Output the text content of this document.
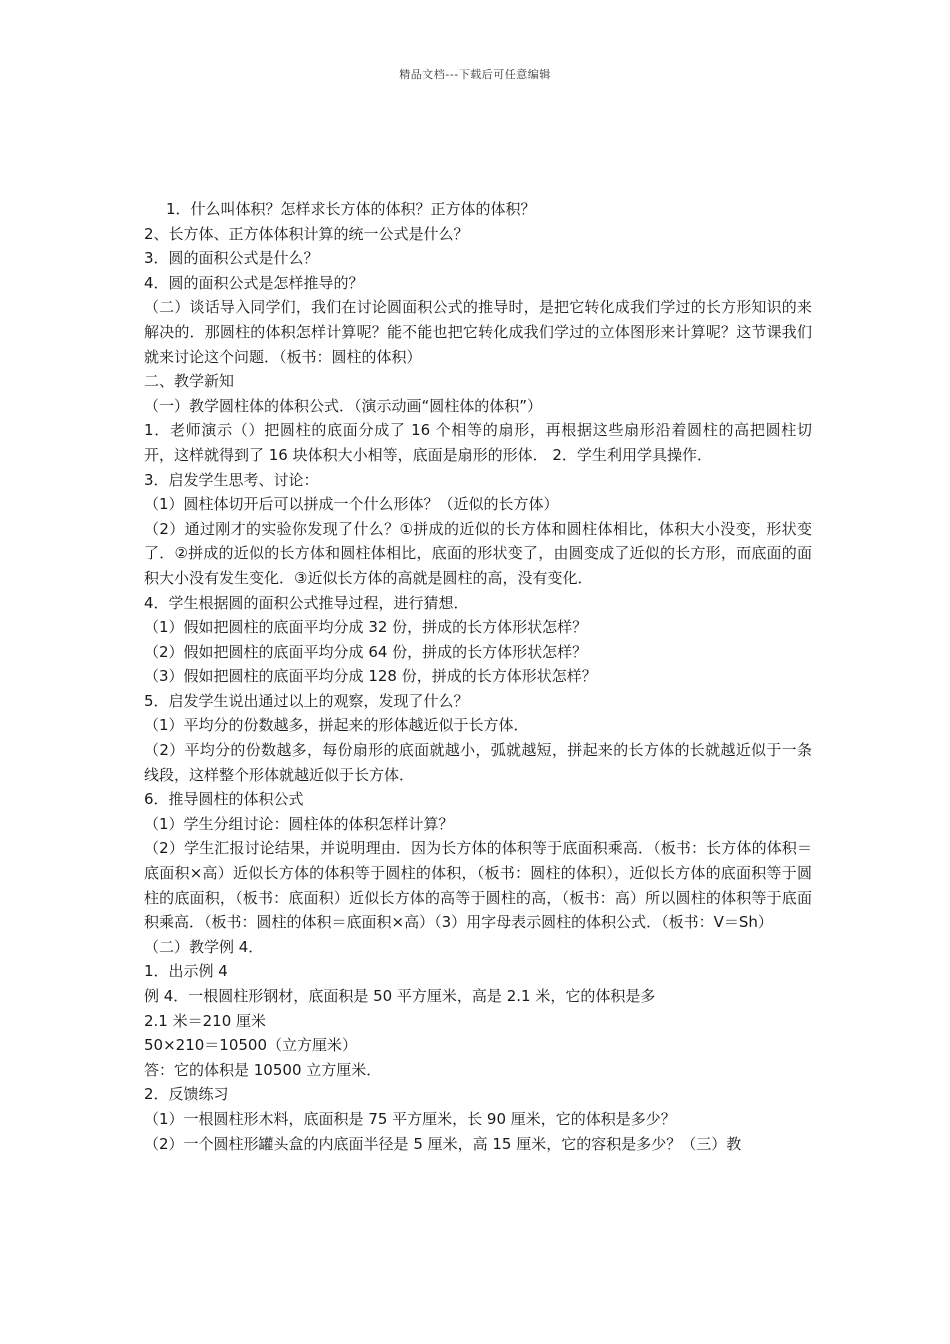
精品文档---下载后可任意编辑

1．什么叫体积？怎样求长方体的体积？正方体的体积？

2、长方体、正方体体积计算的统一公式是什么？

3．圆的面积公式是什么？

4．圆的面积公式是怎样推导的？

（二）谈话导入同学们，我们在讨论圆面积公式的推导时，是把它转化成我们学过的长方形知识的来解决的．那圆柱的体积怎样计算呢？能不能也把它转化成我们学过的立体图形来计算呢？这节课我们就来讨论这个问题．（板书：圆柱的体积）

二、教学新知

（一）教学圆柱体的体积公式．（演示动画“圆柱体的体积”）

1．老师演示（）把圆柱的底面分成了 16 个相等的扇形，再根据这些扇形沿着圆柱的高把圆柱切开，这样就得到了 16 块体积大小相等，底面是扇形的形体． 2．学生利用学具操作．

3．启发学生思考、讨论：

（1）圆柱体切开后可以拼成一个什么形体？（近似的长方体）

（2）通过刚才的实验你发现了什么？①拼成的近似的长方体和圆柱体相比，体积大小没变，形状变了．②拼成的近似的长方体和圆柱体相比，底面的形状变了，由圆变成了近似的长方形，而底面的面积大小没有发生变化．③近似长方体的高就是圆柱的高，没有变化．

4．学生根据圆的面积公式推导过程，进行猜想．

（1）假如把圆柱的底面平均分成 32 份，拼成的长方体形状怎样？

（2）假如把圆柱的底面平均分成 64 份，拼成的长方体形状怎样？

（3）假如把圆柱的底面平均分成 128 份，拼成的长方体形状怎样？

5．启发学生说出通过以上的观察，发现了什么？

（1）平均分的份数越多，拼起来的形体越近似于长方体．

（2）平均分的份数越多，每份扇形的底面就越小，弧就越短，拼起来的长方体的长就越近似于一条线段，这样整个形体就越近似于长方体．

6．推导圆柱的体积公式

（1）学生分组讨论：圆柱体的体积怎样计算？

（2）学生汇报讨论结果，并说明理由．因为长方体的体积等于底面积乘高．（板书：长方体的体积＝底面积×高）近似长方体的体积等于圆柱的体积，（板书：圆柱的体积），近似长方体的底面积等于圆柱的底面积，（板书：底面积）近似长方体的高等于圆柱的高，（板书：高）所以圆柱的体积等于底面积乘高．（板书：圆柱的体积＝底面积×高）（3）用字母表示圆柱的体积公式．（板书：V＝Sh）

（二）教学例 4．

1．出示例 4

例 4．一根圆柱形钢材，底面积是 50 平方厘米，高是 2.1 米，它的体积是多

2.1 米＝210 厘米

50×210＝10500（立方厘米）

答：它的体积是 10500 立方厘米．

2．反馈练习

（1）一根圆柱形木料，底面积是 75 平方厘米，长 90 厘米，它的体积是多少？

（2）一个圆柱形罐头盒的内底面半径是 5 厘米，高 15 厘米，它的容积是多少？（三）教
